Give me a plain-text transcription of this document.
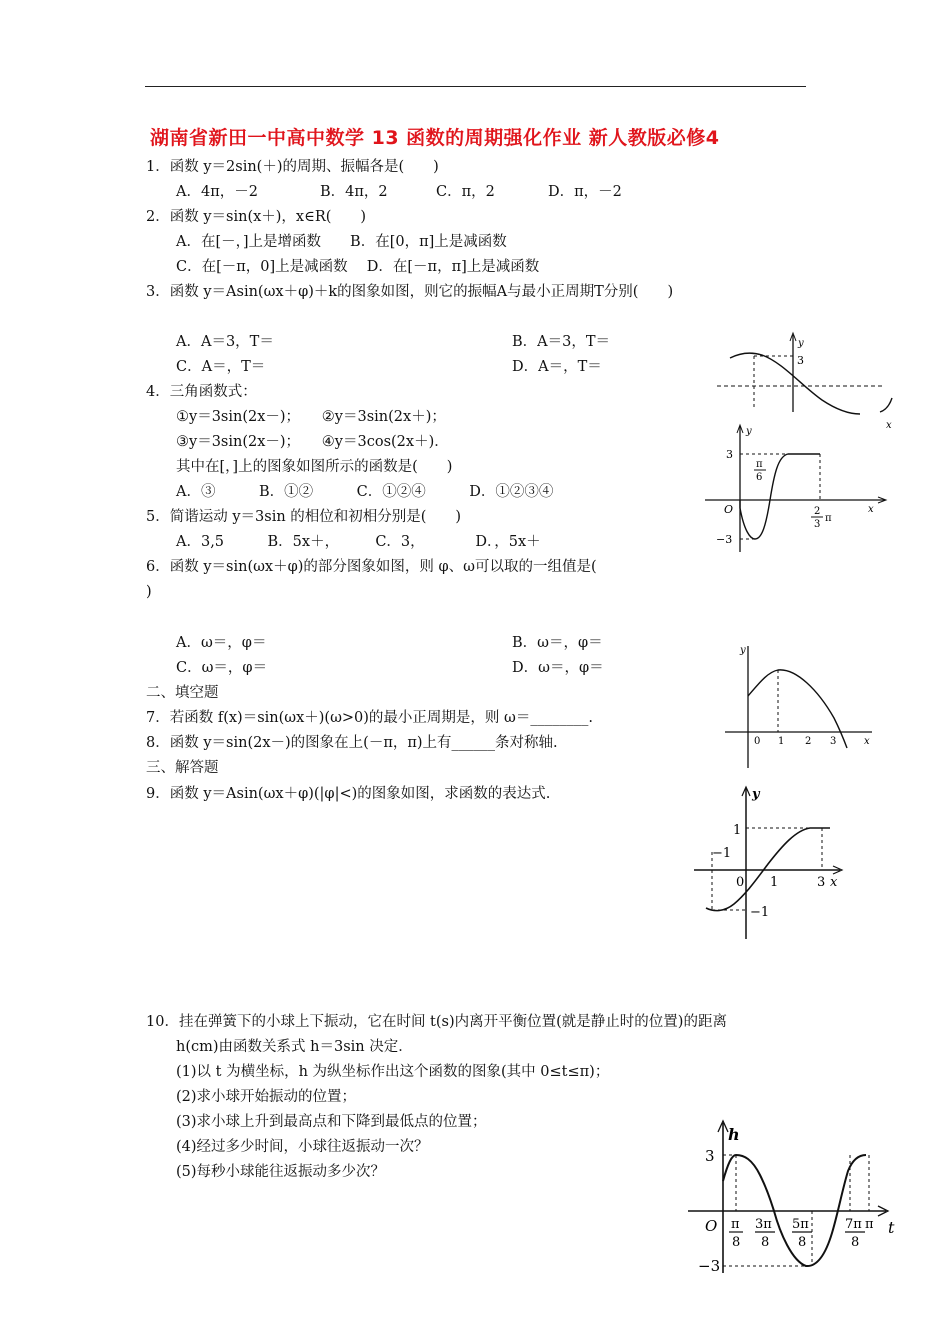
湖南省新田一中高中数学 13 函数的周期强化作业 新人教版必修4
1．函数 y＝2sin(＋)的周期、振幅各是(　　)
A．4π，－2	B．4π，2	C．π，2	D．π，－2
2．函数 y＝sin(x＋)，x∈R(　　)
A．在[－，]上是增函数　　B．在[0，π]上是减函数
C．在[－π，0]上是减函数　 D．在[－π，π]上是减函数
3．函数 y＝Asin(ωx＋φ)＋k的图象如图，则它的振幅A与最小正周期T分别(　　)
A．A＝3，T＝	B．A＝3，T＝
C．A＝，T＝	D．A＝，T＝
4．三角函数式：
①y＝3sin(2x－)；　　②y＝3sin(2x＋)；
③y＝3sin(2x－)；　　④y＝3cos(2x＋)．
其中在[，]上的图象如图所示的函数是(　　)
A．③　　　B．①②　　　C．①②④　　　D．①②③④
5．简谐运动 y＝3sin 的相位和初相分别是(　　)
A．3,5　　　B．5x＋，　　　C．3，　　　　D．，5x＋
6．函数 y＝sin(ωx＋φ)的部分图象如图，则 φ、ω可以取的一组值是(
)
A．ω＝，φ＝	B．ω＝，φ＝
C．ω＝，φ＝	D．ω＝，φ＝
二、填空题
7．若函数 f(x)＝sin(ωx＋)(ω>0)的最小正周期是，则 ω＝________.
8．函数 y＝sin(2x－)的图象在上(－π，π)上有______条对称轴.
三、解答题
9．函数 y＝Asin(ωx＋φ)(|φ|<)的图象如图，求函数的表达式.
10．挂在弹簧下的小球上下振动，它在时间 t(s)内离开平衡位置(就是静止时的位置)的距离
h(cm)由函数关系式 h＝3sin 决定．
(1)以 t 为横坐标，h 为纵坐标作出这个函数的图象(其中 0≤t≤π)；
(2)求小球开始振动的位置；
(3)求小球上升到最高点和下降到最低点的位置；
(4)经过多少时间，小球往返振动一次？
(5)每秒小球能往返振动多少次？
y
3
x
y
3
−3
O
π
6
2
3
π
x
y
0 1 2 3	x
y
1
−1
0 1	3 x
−1
h
3
−3
O π
8
3π
8
5π
8
7π
8
π t
